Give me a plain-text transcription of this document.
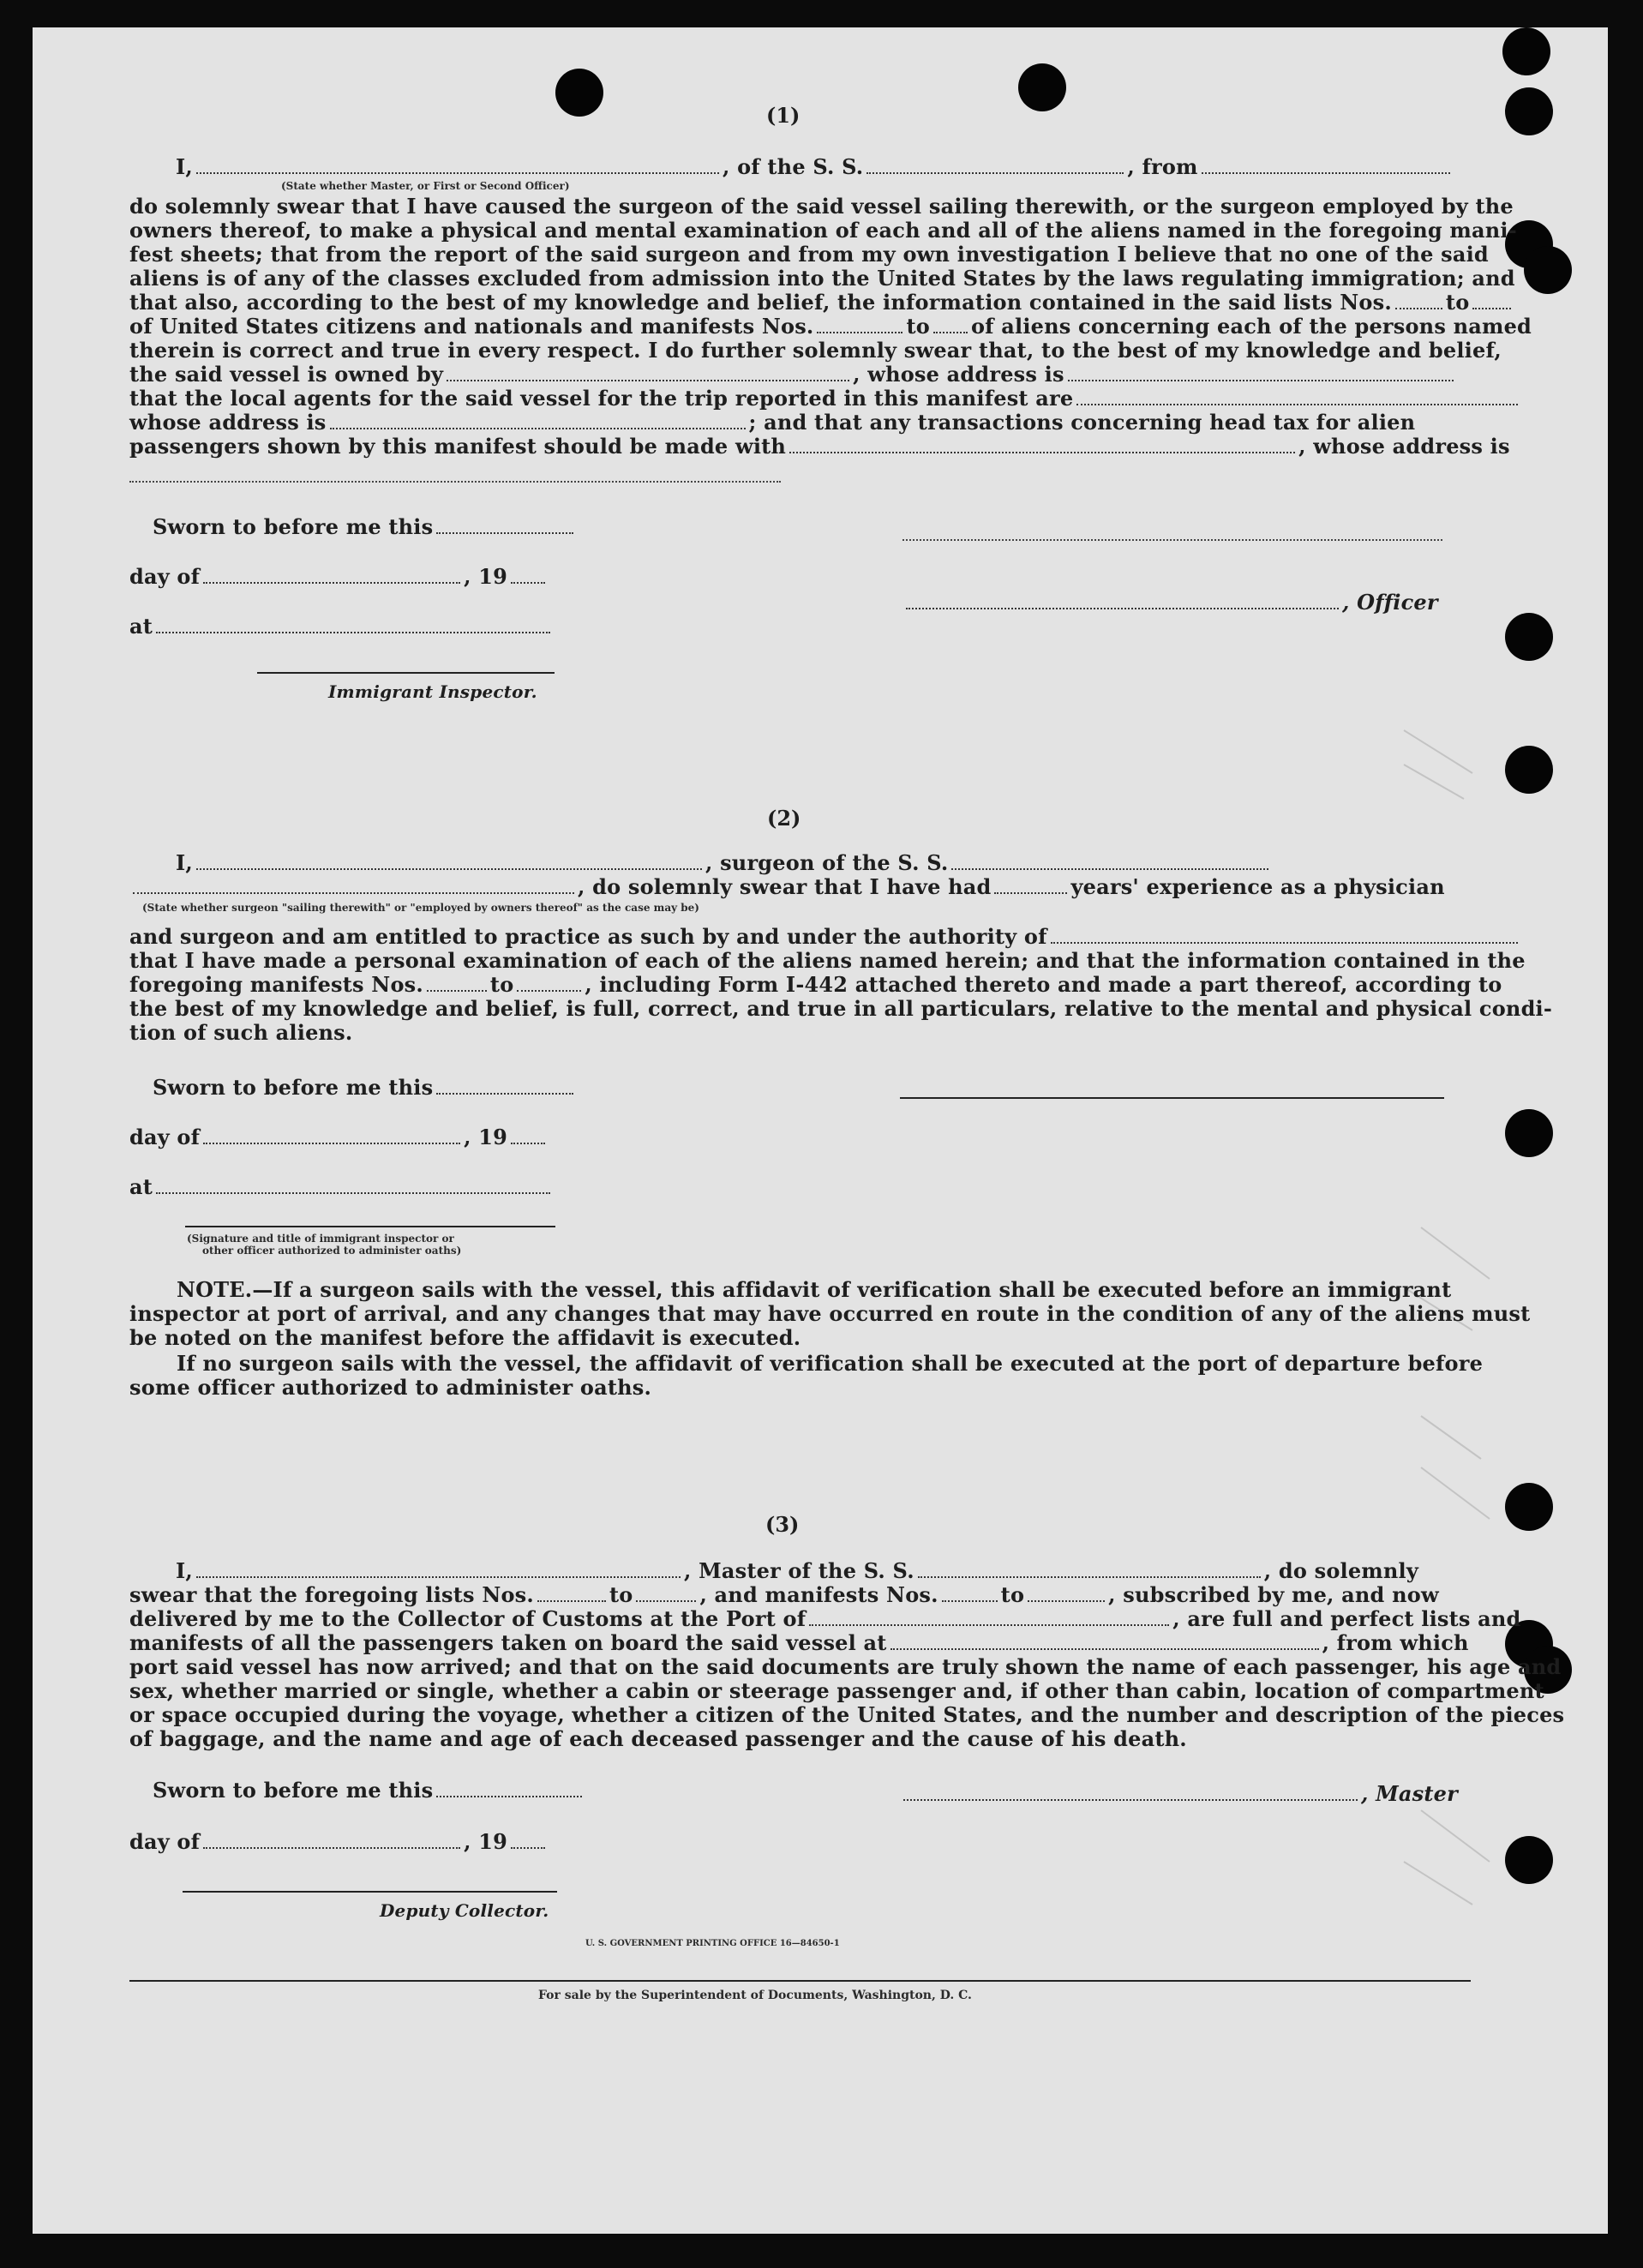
(1)
I,	, of the S. S.	, from
(State whether Master, or First or Second Officer)
do solemnly swear that I have caused the surgeon of the said vessel sailing therewith, or the surgeon employed by the
owners thereof, to make a physical and mental examination of each and all of the aliens named in the foregoing mani-
fest sheets; that from the report of the said surgeon and from my own investigation I believe that no one of the said
aliens is of any of the classes excluded from admission into the United States by the laws regulating immigration; and
that also, according to the best of my knowledge and belief, the information contained in the said lists Nos.	to
of United States citizens and nationals and manifests Nos.	to of aliens concerning each of the persons named
therein is correct and true in every respect. I do further solemnly swear that, to the best of my knowledge and belief,
the said vessel is owned by	, whose address is
that the local agents for the said vessel for the trip reported in this manifest are
whose address is	; and that any transactions concerning head tax for alien
passengers shown by this manifest should be made with	, whose address is
Sworn to before me this
day of	, 19
, Officer
at
Immigrant Inspector.
(2)
I,	, surgeon of the S. S.
, do solemnly swear that I have had	years' experience as a physician
(State whether surgeon "sailing therewith" or "employed by owners thereof" as the case may be)
and surgeon and am entitled to practice as such by and under the authority of
that I have made a personal examination of each of the aliens named herein; and that the information contained in the
foregoing manifests Nos.	to	, including Form I-442 attached thereto and made a part thereof, according to
the best of my knowledge and belief, is full, correct, and true in all particulars, relative to the mental and physical condi-
tion of such aliens.
Sworn to before me this
day of	, 19
at
(Signature and title of immigrant inspector or
other officer authorized to administer oaths)
NOTE.—If a surgeon sails with the vessel, this affidavit of verification shall be executed before an immigrant
inspector at port of arrival, and any changes that may have occurred en route in the condition of any of the aliens must
be noted on the manifest before the affidavit is executed.
If no surgeon sails with the vessel, the affidavit of verification shall be executed at the port of departure before
some officer authorized to administer oaths.
(3)
I,	, Master of the S. S.	, do solemnly
swear that the foregoing lists Nos.	to	, and manifests Nos.	to	, subscribed by me, and now
delivered by me to the Collector of Customs at the Port of	, are full and perfect lists and
manifests of all the passengers taken on board the said vessel at	, from which
port said vessel has now arrived; and that on the said documents are truly shown the name of each passenger, his age and
sex, whether married or single, whether a cabin or steerage passenger and, if other than cabin, location of compartment
or space occupied during the voyage, whether a citizen of the United States, and the number and description of the pieces
of baggage, and the name and age of each deceased passenger and the cause of his death.
Sworn to before me this	, Master
day of	, 19
Deputy Collector.
U. S. GOVERNMENT PRINTING OFFICE 16—84650-1
For sale by the Superintendent of Documents, Washington, D. C.
